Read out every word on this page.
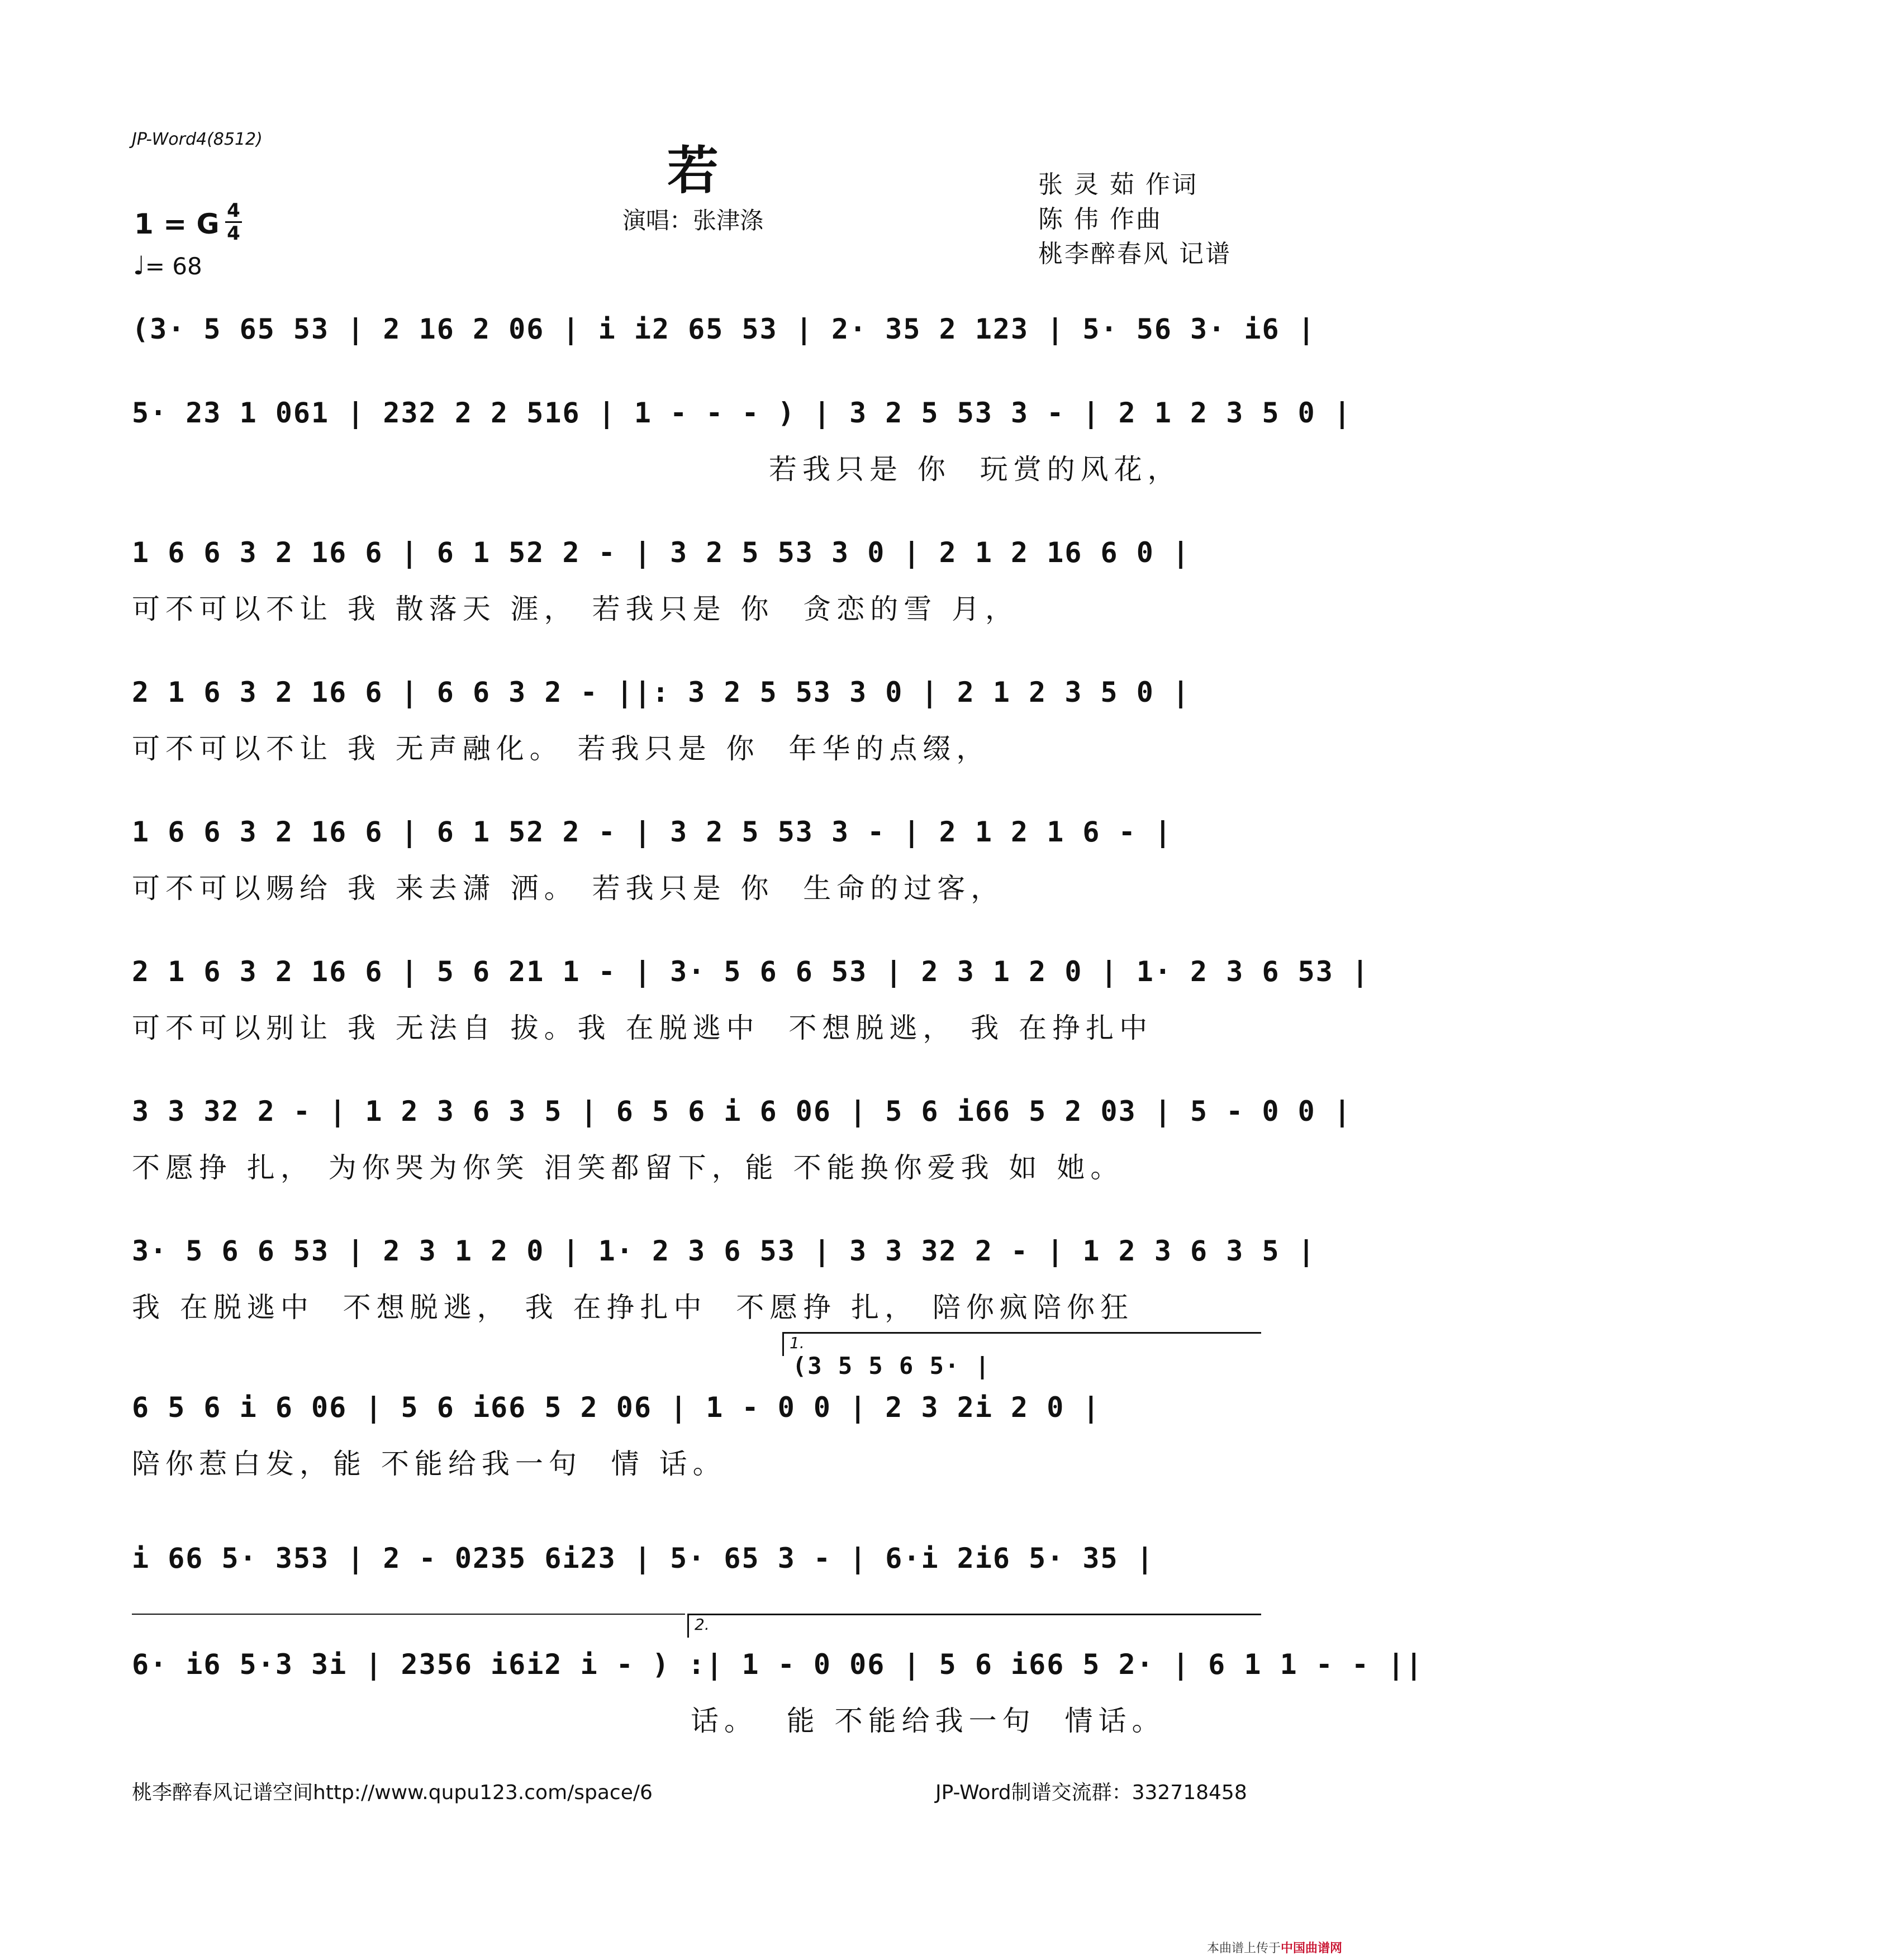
JP-Word4(8512)
若
演唱：张津涤
张 灵 茹 作词
陈 伟 作曲
桃李醉春风 记谱
1 = G 4
4
♩= 68
(3· 5 65 53 | 2 16 2 06 | i i2 65 53 | 2· 35 2 123 | 5· 56 3· i6 |
5· 23 1 061 | 232 2 2 516 | 1 - - - ) | 3 2 5 53 3 - | 2 1 2 3 5 0 |
若我只是 你  玩赏的风花，
1 6 6 3 2 16 6 | 6 1 52 2 - | 3 2 5 53 3 0 | 2 1 2 16 6 0 |
可不可以不让 我 散落天 涯， 若我只是 你  贪恋的雪 月，
2 1 6 3 2 16 6 | 6 6 3 2 - ||: 3 2 5 53 3 0 | 2 1 2 3 5 0 |
可不可以不让 我 无声融化。 若我只是 你  年华的点缀，
1 6 6 3 2 16 6 | 6 1 52 2 - | 3 2 5 53 3 - | 2 1 2 1 6 - |
可不可以赐给 我 来去潇 洒。 若我只是 你  生命的过客，
2 1 6 3 2 16 6 | 5 6 21 1 - | 3· 5 6 6 53 | 2 3 1 2 0 | 1· 2 3 6 53 |
可不可以别让 我 无法自 拔。我 在脱逃中  不想脱逃， 我 在挣扎中
3 3 32 2 - | 1 2 3 6 3 5 | 6 5 6 i 6 06 | 5 6 i66 5 2 03 | 5 - 0 0 |
不愿挣 扎， 为你哭为你笑 泪笑都留下，能 不能换你爱我 如 她。
3· 5 6 6 53 | 2 3 1 2 0 | 1· 2 3 6 53 | 3 3 32 2 - | 1 2 3 6 3 5 |
我 在脱逃中  不想脱逃， 我 在挣扎中  不愿挣 扎， 陪你疯陪你狂
1.
(3 5 5 6 5· |
6 5 6 i 6 06 | 5 6 i66 5 2 06 | 1 - 0 0 | 2 3 2i 2 0 |
陪你惹白发，能 不能给我一句  情 话。
i 66 5· 353 | 2 - 0235 6i23 | 5· 65 3 - | 6·i 2i6 5· 35 |
2.
6· i6 5·3 3i | 2356 i6i2 i - ) :| 1 - 0 06 | 5 6 i66 5 2· | 6 1 1 - - ||
话。  能 不能给我一句  情话。
桃李醉春风记谱空间http://www.qupu123.com/space/6	JP-Word制谱交流群：332718458
本曲谱上传于中国曲谱网
